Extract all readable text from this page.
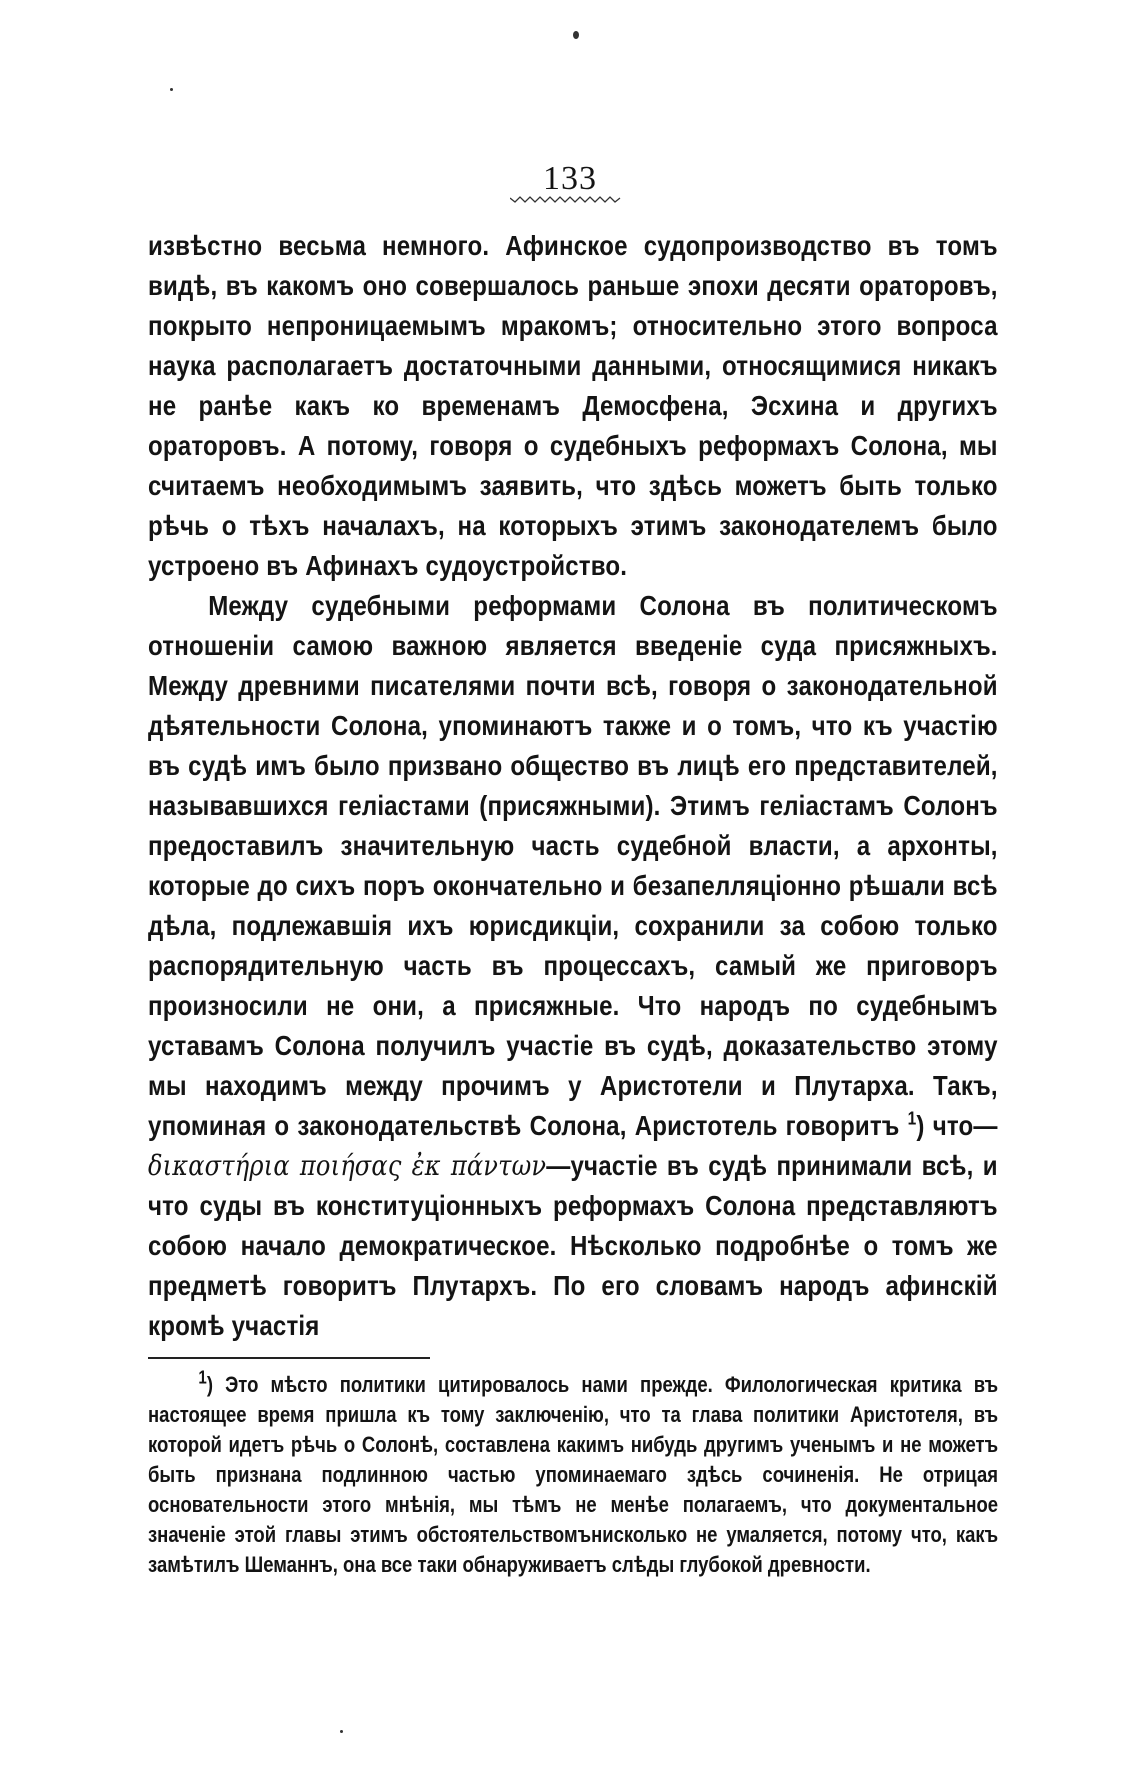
133

извѣстно весьма немного. Афинское судопроизводство въ томъ видѣ, въ какомъ оно совершалось раньше эпохи десяти ораторовъ, покрыто непроницаемымъ мракомъ; относительно этого вопроса наука располагаетъ достаточными данными, относящимися никакъ не ранѣе какъ ко временамъ Демосфена, Эсхина и другихъ ораторовъ. А потому, говоря о судебныхъ реформахъ Солона, мы считаемъ необходимымъ заявить, что здѣсь можетъ быть только рѣчь о тѣхъ началахъ, на которыхъ этимъ законодателемъ было устроено въ Афинахъ судоустройство.

Между судебными реформами Солона въ политическомъ отношеніи самою важною является введеніе суда присяжныхъ. Между древними писателями почти всѣ, говоря о законодательной дѣятельности Солона, упоминаютъ также и о томъ, что къ участію въ судѣ имъ было призвано общество въ лицѣ его представителей, называвшихся геліастами (присяжными). Этимъ геліастамъ Солонъ предоставилъ значительную часть судебной власти, а архонты, которые до сихъ поръ окончательно и безапелляціонно рѣшали всѣ дѣла, подлежавшія ихъ юрисдикціи, сохранили за собою только распорядительную часть въ процессахъ, самый же приговоръ произносили не они, а присяжные. Что народъ по судебнымъ уставамъ Солона получилъ участіе въ судѣ, доказательство этому мы находимъ между прочимъ у Аристотели и Плутарха. Такъ, упоминая о законодательствѣ Солона, Аристотель говоритъ $^1$) что—δικαστήρια ποιήσας ἐκ πάντων—участіе въ судѣ принимали всѣ, и что суды въ конституціонныхъ реформахъ Солона представляютъ собою начало демократическое. Нѣсколько подробнѣе о томъ же предметѣ говоритъ Плутархъ. По его словамъ народъ афинскій кромѣ участія

$^1$) Это мѣсто политики цитировалось нами прежде. Филологическая критика въ настоящее время пришла къ тому заключенію, что та глава политики Аристотеля, въ которой идетъ рѣчь о Солонѣ, составлена какимъ нибудь другимъ ученымъ и не можетъ быть признана подлинною частью упоминаемаго здѣсь сочиненія. Не отрицая основательности этого мнѣнія, мы тѣмъ не менѣе полагаемъ, что документальное значеніе этой главы этимъ обстоятельствомънисколько не умаляется, потому что, какъ замѣтилъ Шеманнъ, она все таки обнаруживаетъ слѣды глубокой древности.
